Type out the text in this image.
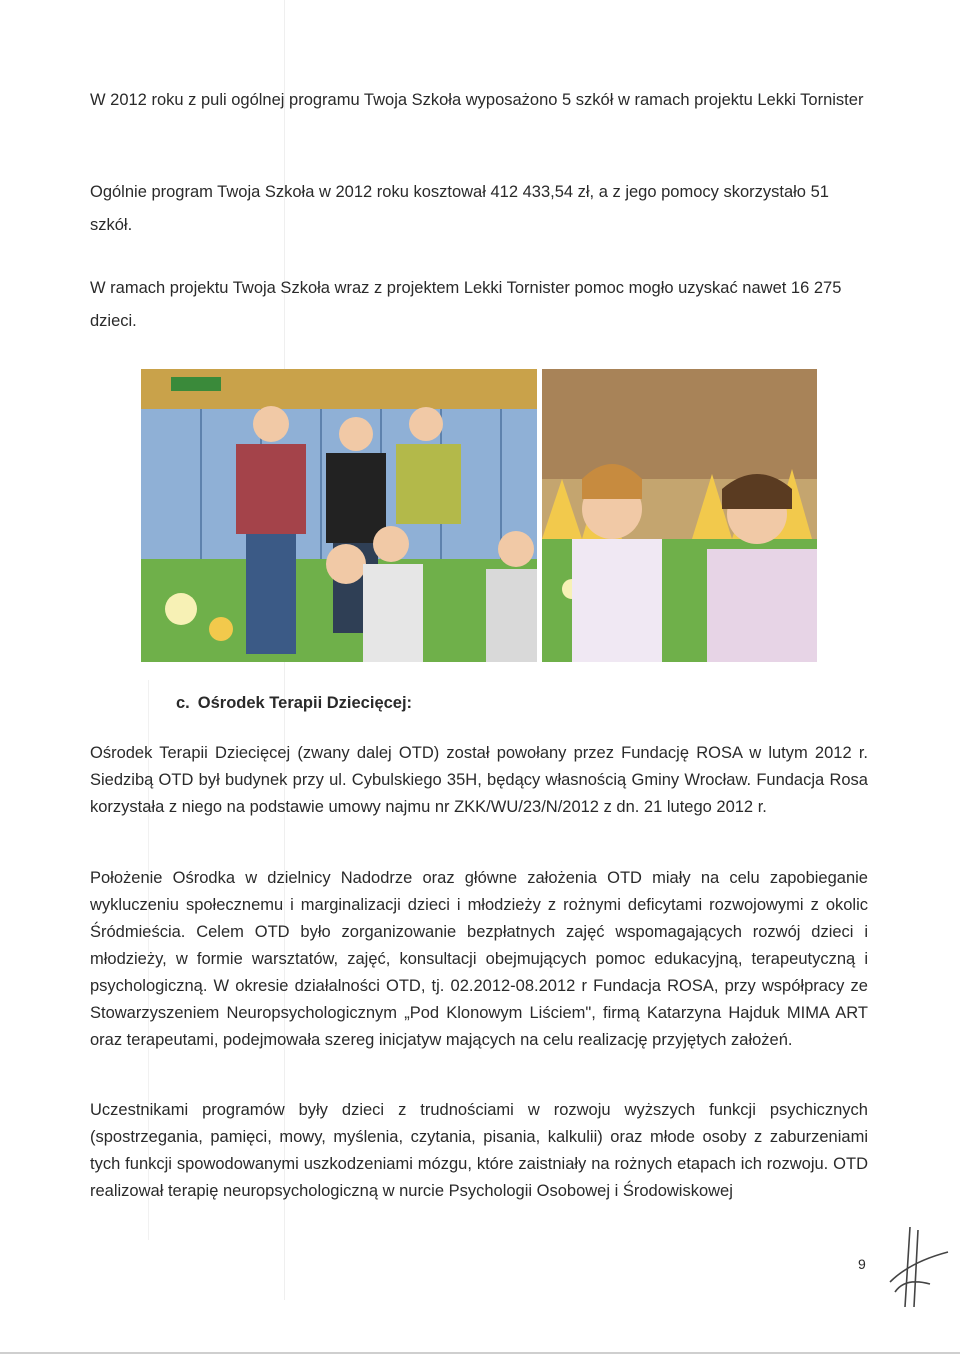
W 2012 roku z puli ogólnej programu Twoja Szkoła wyposażono 5 szkół w ramach projektu Lekki Tornister

Ogólnie program Twoja Szkoła w 2012 roku kosztował 412 433,54 zł, a z jego pomocy skorzystało 51 szkół.

W ramach projektu Twoja Szkoła wraz z projektem Lekki Tornister pomoc mogło uzyskać nawet 16 275 dzieci.

c. Ośrodek Terapii Dziecięcej:

Ośrodek Terapii Dziecięcej (zwany dalej OTD) został powołany przez Fundację ROSA w lutym 2012 r. Siedzibą OTD był budynek przy ul. Cybulskiego 35H, będący własnością Gminy Wrocław. Fundacja Rosa korzystała z niego na podstawie umowy najmu nr ZKK/WU/23/N/2012 z dn. 21 lutego 2012 r.

Położenie Ośrodka w dzielnicy Nadodrze oraz główne założenia OTD miały na celu zapobieganie wykluczeniu społecznemu i marginalizacji dzieci i młodzieży z rożnymi deficytami rozwojowymi z okolic Śródmieścia. Celem OTD było zorganizowanie bezpłatnych zajęć wspomagających rozwój dzieci i młodzieży, w formie warsztatów, zajęć, konsultacji obejmujących pomoc edukacyjną, terapeutyczną i psychologiczną. W okresie działalności OTD, tj. 02.2012-08.2012 r Fundacja ROSA, przy współpracy ze Stowarzyszeniem Neuropsychologicznym „Pod Klonowym Liściem", firmą Katarzyna Hajduk MIMA ART oraz terapeutami, podejmowała szereg inicjatyw mających na celu realizację przyjętych założeń.

Uczestnikami programów były dzieci z trudnościami w rozwoju wyższych funkcji psychicznych (spostrzegania, pamięci, mowy, myślenia, czytania, pisania, kalkulii) oraz młode osoby z zaburzeniami tych funkcji spowodowanymi uszkodzeniami mózgu, które zaistniały na rożnych etapach ich rozwoju. OTD realizował terapię neuropsychologiczną w nurcie Psychologii Osobowej i Środowiskowej

9
